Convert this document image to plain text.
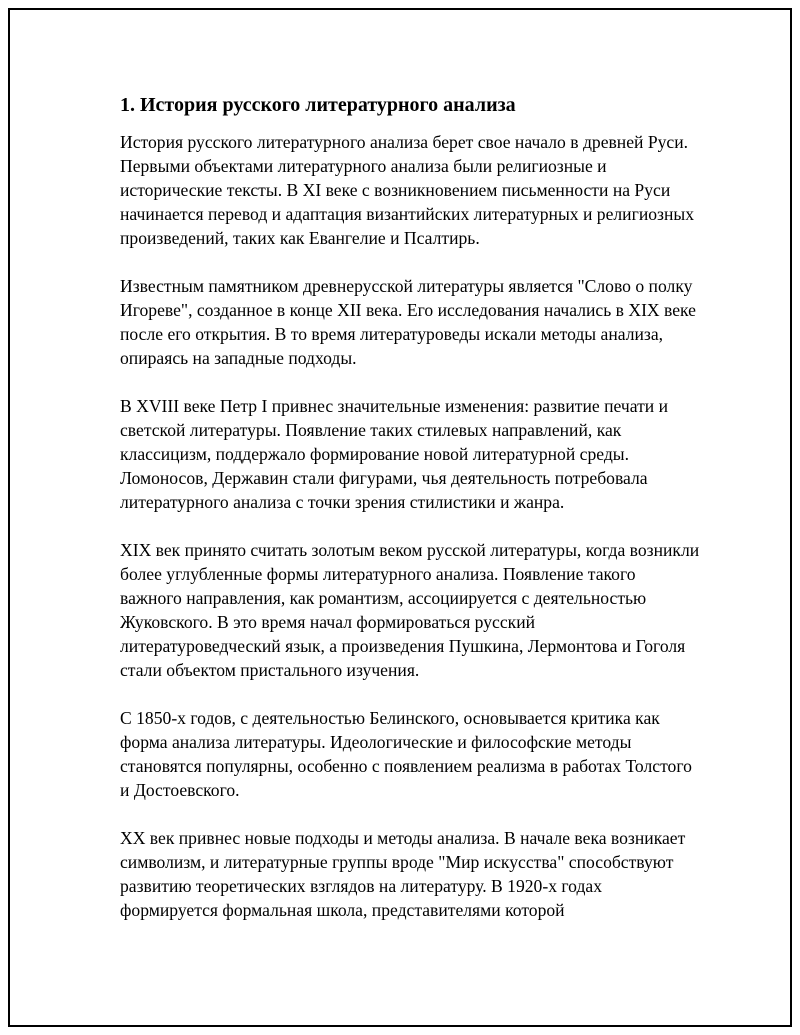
1. История русского литературного анализа

История русского литературного анализа берет свое начало в древней Руси. Первыми объектами литературного анализа были религиозные и исторические тексты. В XI веке с возникновением письменности на Руси начинается перевод и адаптация византийских литературных и религиозных произведений, таких как Евангелие и Псалтирь.

Известным памятником древнерусской литературы является "Слово о полку Игореве", созданное в конце XII века. Его исследования начались в XIX веке после его открытия. В то время литературоведы искали методы анализа, опираясь на западные подходы.

В XVIII веке Петр I привнес значительные изменения: развитие печати и светской литературы. Появление таких стилевых направлений, как классицизм, поддержало формирование новой литературной среды. Ломоносов, Державин стали фигурами, чья деятельность потребовала литературного анализа с точки зрения стилистики и жанра.

XIX век принято считать золотым веком русской литературы, когда возникли более углубленные формы литературного анализа. Появление такого важного направления, как романтизм, ассоциируется с деятельностью Жуковского. В это время начал формироваться русский литературоведческий язык, а произведения Пушкина, Лермонтова и Гоголя стали объектом пристального изучения.

С 1850-х годов, с деятельностью Белинского, основывается критика как форма анализа литературы. Идеологические и философские методы становятся популярны, особенно с появлением реализма в работах Толстого и Достоевского.

XX век привнес новые подходы и методы анализа. В начале века возникает символизм, и литературные группы вроде "Мир искусства" способствуют развитию теоретических взглядов на литературу. В 1920-х годах формируется формальная школа, представителями которой
